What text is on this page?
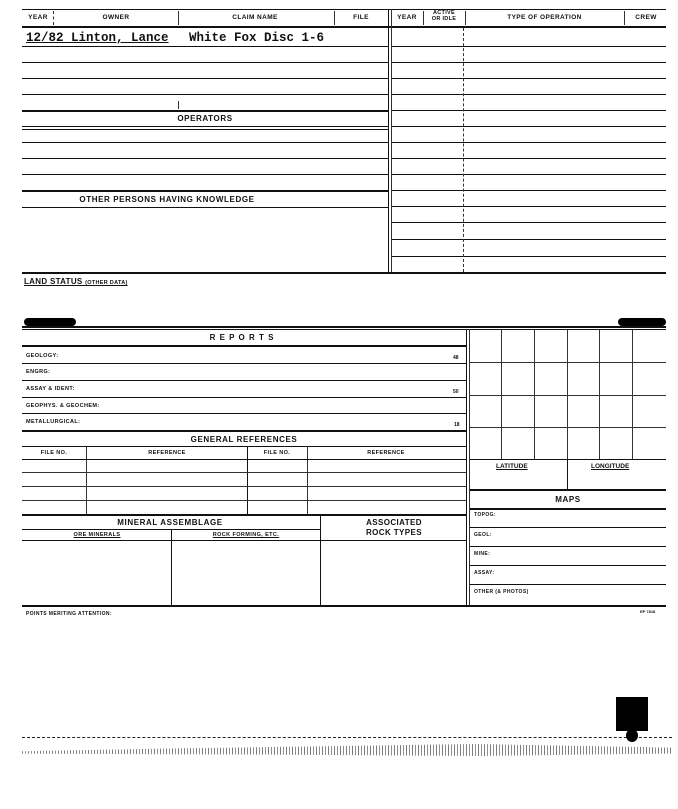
YEAR	OWNER	CLAIM NAME	FILE	YEAR
ACTIVE
OR IDLE	TYPE OF OPERATION	CREW
12/82 Linton, Lance White Fox Disc 1-6
OPERATORS
OTHER PERSONS HAVING KNOWLEDGE
LAND STATUS (OTHER DATA)
R E P O R T S
GEOLOGY:	48
ENGRG:
ASSAY & IDENT:	50
GEOPHYS. & GEOCHEM:
METALLURGICAL:	18
LATITUDE	LONGITUDE
MAPS
TOPOG:
GEOL:
MINE:
ASSAY:
OTHER (& PHOTOS)
GENERAL REFERENCES
FILE NO.	REFERENCE	FILE NO.	REFERENCE
MINERAL ASSEMBLAGE
ORE MINERALS	ROCK FORMING, ETC.
ASSOCIATED
ROCK TYPES
POINTS MERITING ATTENTION:	EP 7818
